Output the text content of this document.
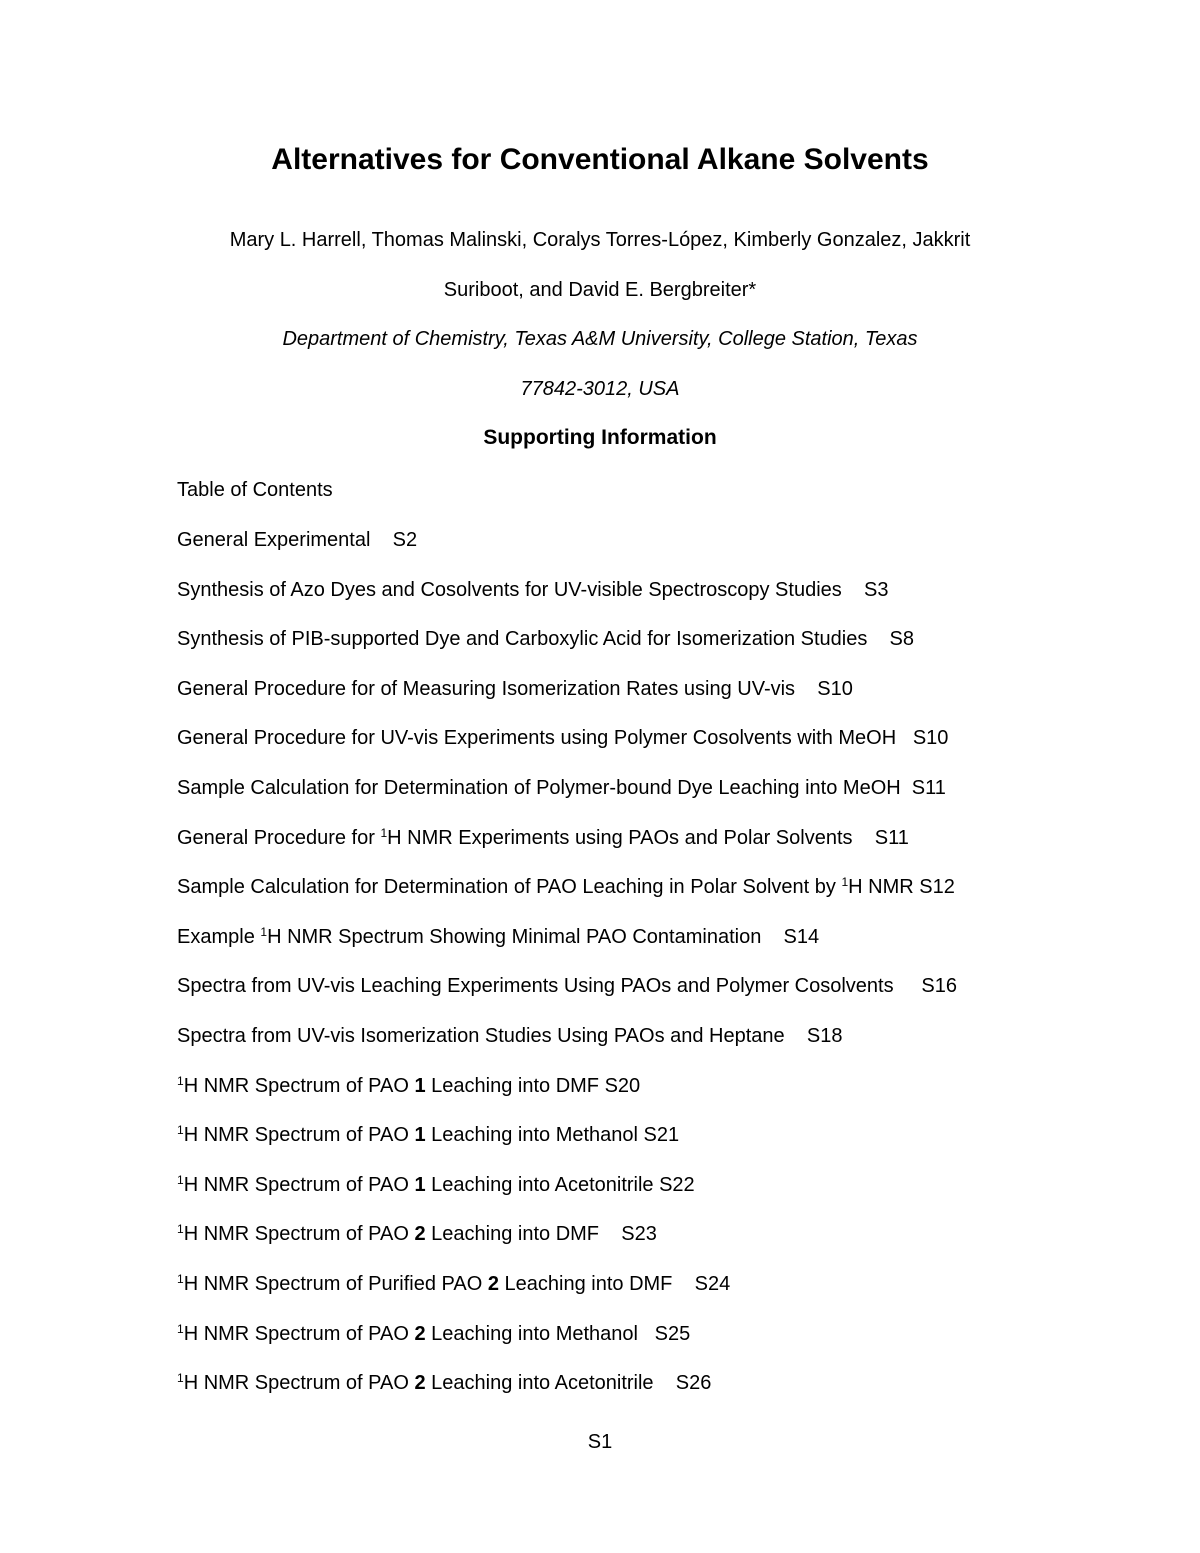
Alternatives for Conventional Alkane Solvents
Mary L. Harrell, Thomas Malinski, Coralys Torres-López, Kimberly Gonzalez, Jakkrit
Suriboot, and David E. Bergbreiter*
Department of Chemistry, Texas A&M University, College Station, Texas
77842-3012, USA
Supporting Information
Table of Contents
General Experimental    S2
Synthesis of Azo Dyes and Cosolvents for UV-visible Spectroscopy Studies    S3
Synthesis of PIB-supported Dye and Carboxylic Acid for Isomerization Studies    S8
General Procedure for of Measuring Isomerization Rates using UV-vis    S10
General Procedure for UV-vis Experiments using Polymer Cosolvents with MeOH   S10
Sample Calculation for Determination of Polymer-bound Dye Leaching into MeOH  S11
General Procedure for $^1$H NMR Experiments using PAOs and Polar Solvents    S11
Sample Calculation for Determination of PAO Leaching in Polar Solvent by $^1$H NMR S12
Example $^1$H NMR Spectrum Showing Minimal PAO Contamination    S14
Spectra from UV-vis Leaching Experiments Using PAOs and Polymer Cosolvents     S16
Spectra from UV-vis Isomerization Studies Using PAOs and Heptane    S18
$^1$H NMR Spectrum of PAO 1 Leaching into DMF S20
$^1$H NMR Spectrum of PAO 1 Leaching into Methanol S21
$^1$H NMR Spectrum of PAO 1 Leaching into Acetonitrile S22
$^1$H NMR Spectrum of PAO 2 Leaching into DMF    S23
$^1$H NMR Spectrum of Purified PAO 2 Leaching into DMF    S24
$^1$H NMR Spectrum of PAO 2 Leaching into Methanol   S25
$^1$H NMR Spectrum of PAO 2 Leaching into Acetonitrile    S26
S1
